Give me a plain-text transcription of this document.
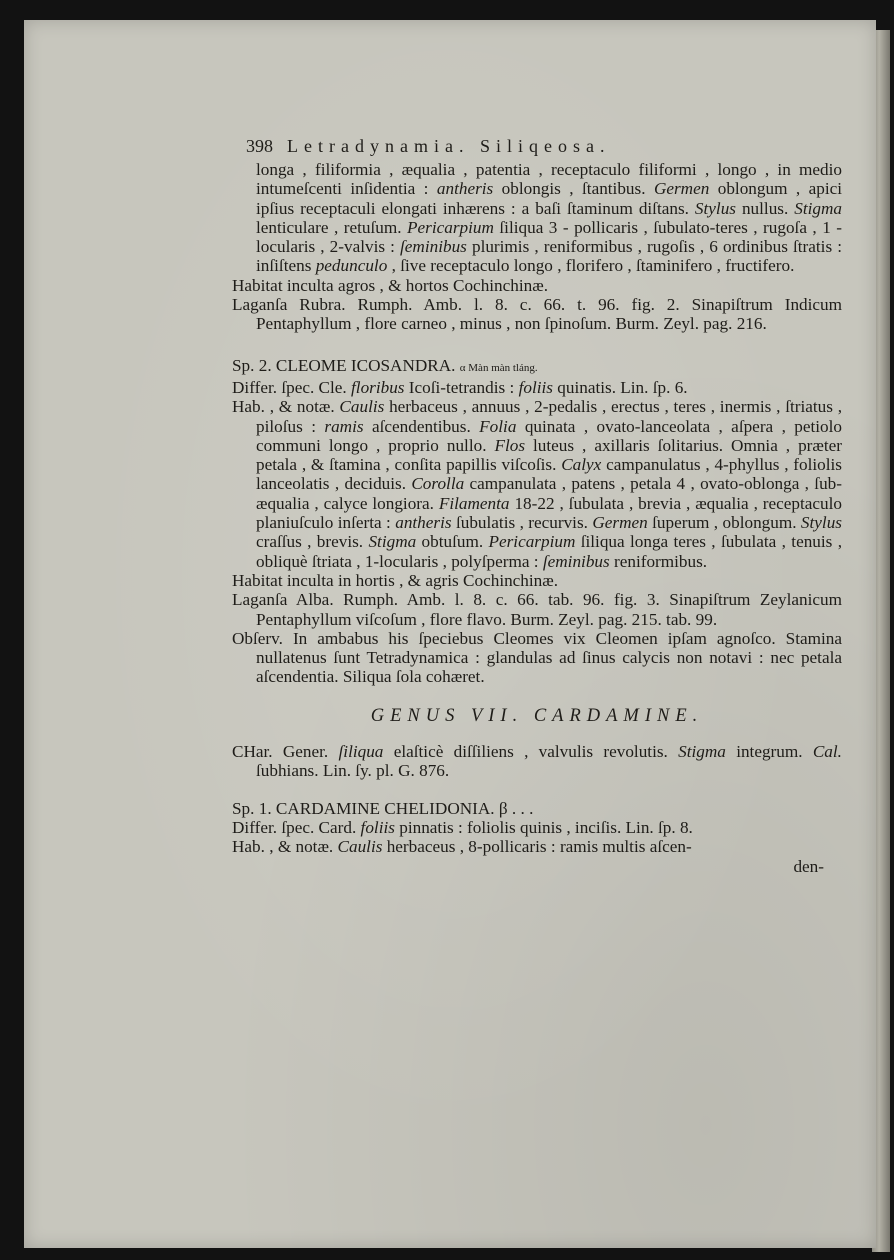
398 Letradynamia. Siliqeosa.

longa , filiformia , æqualia , patentia , receptaculo filiformi , longo , in medio intumeſcenti inſidentia : antheris oblongis , ſtantibus. Germen oblongum , apici ipſius receptaculi elongati inhærens : a baſi ſtaminum diſtans. Stylus nullus. Stigma lenticulare , retuſum. Pericarpium ſiliqua 3 - pollicaris , ſubulato-teres , rugoſa , 1 - locularis , 2-valvis : ſeminibus plurimis , reniformibus , rugoſis , 6 ordinibus ſtratis : inſiſtens pedunculo , ſive receptaculo longo , florifero , ſtaminifero , fructifero.

Habitat inculta agros , & hortos Cochinchinæ.

Laganſa Rubra. Rumph. Amb. l. 8. c. 66. t. 96. fig. 2. Sinapiſtrum Indicum Pentaphyllum , flore carneo , minus , non ſpinoſum. Burm. Zeyl. pag. 216.

Sp. 2. CLEOME ICOSANDRA. α Màn màn tláng.

Differ. ſpec. Cle. floribus Icoſi-tetrandis : foliis quinatis. Lin. ſp. 6.

Hab. , & notæ. Caulis herbaceus , annuus , 2-pedalis , erectus , teres , inermis , ſtriatus , piloſus : ramis aſcendentibus. Folia quinata , ovato-lanceolata , aſpera , petiolo communi longo , proprio nullo. Flos luteus , axillaris ſolitarius. Omnia , præter petala , & ſtamina , conſita papillis viſcoſis. Calyx campanulatus , 4-phyllus , foliolis lanceolatis , deciduis. Corolla campanulata , patens , petala 4 , ovato-oblonga , ſub-æqualia , calyce longiora. Filamenta 18-22 , ſubulata , brevia , æqualia , receptaculo planiuſculo inſerta : antheris ſubulatis , recurvis. Germen ſuperum , oblongum. Stylus craſſus , brevis. Stigma obtuſum. Pericarpium ſiliqua longa teres , ſubulata , tenuis , obliquè ſtriata , 1-locularis , polyſperma : ſeminibus reniformibus.

Habitat inculta in hortis , & agris Cochinchinæ.

Laganſa Alba. Rumph. Amb. l. 8. c. 66. tab. 96. fig. 3. Sinapiſtrum Zeylanicum Pentaphyllum viſcoſum , flore flavo. Burm. Zeyl. pag. 215. tab. 99.

Obſerv. In ambabus his ſpeciebus Cleomes vix Cleomen ipſam agnoſco. Stamina nullatenus ſunt Tetradynamica : glandulas ad ſinus calycis non notavi : nec petala aſcendentia. Siliqua ſola cohæret.

GENUS VII. CARDAMINE.

CHar. Gener. ſiliqua elaſticè diſſiliens , valvulis revolutis. Stigma integrum. Cal. ſubhians. Lin. ſy. pl. G. 876.

Sp. 1. CARDAMINE CHELIDONIA. β . . .

Differ. ſpec. Card. foliis pinnatis : foliolis quinis , inciſis. Lin. ſp. 8.

Hab. , & notæ. Caulis herbaceus , 8-pollicaris : ramis multis aſcen-

den-
